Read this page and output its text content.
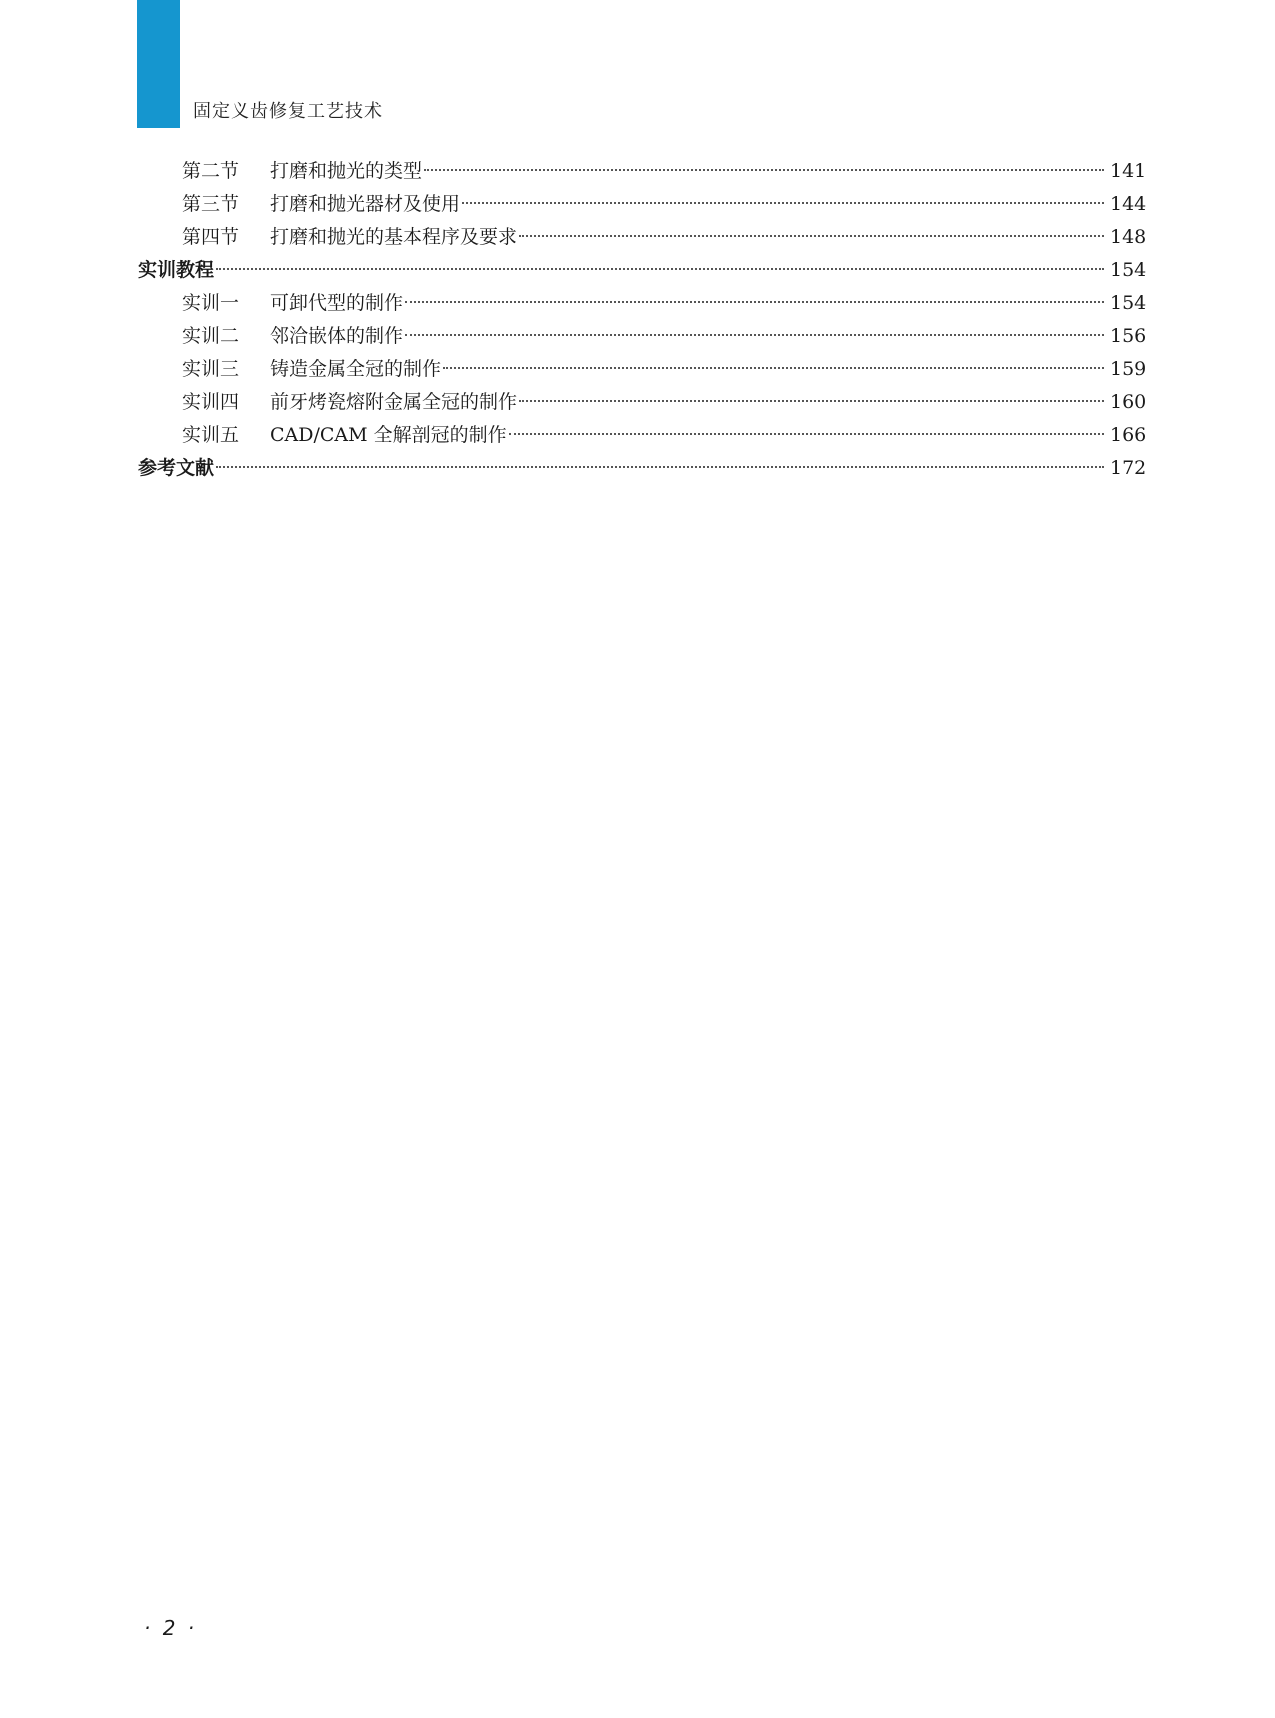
固定义齿修复工艺技术
第二节	打磨和抛光的类型	141
第三节	打磨和抛光器材及使用	144
第四节	打磨和抛光的基本程序及要求	148
实训教程	154
实训一	可卸代型的制作	154
实训二	邻洽嵌体的制作	156
实训三	铸造金属全冠的制作	159
实训四	前牙烤瓷熔附金属全冠的制作	160
实训五	CAD/CAM 全解剖冠的制作	166
参考文献	172
· 2 ·
